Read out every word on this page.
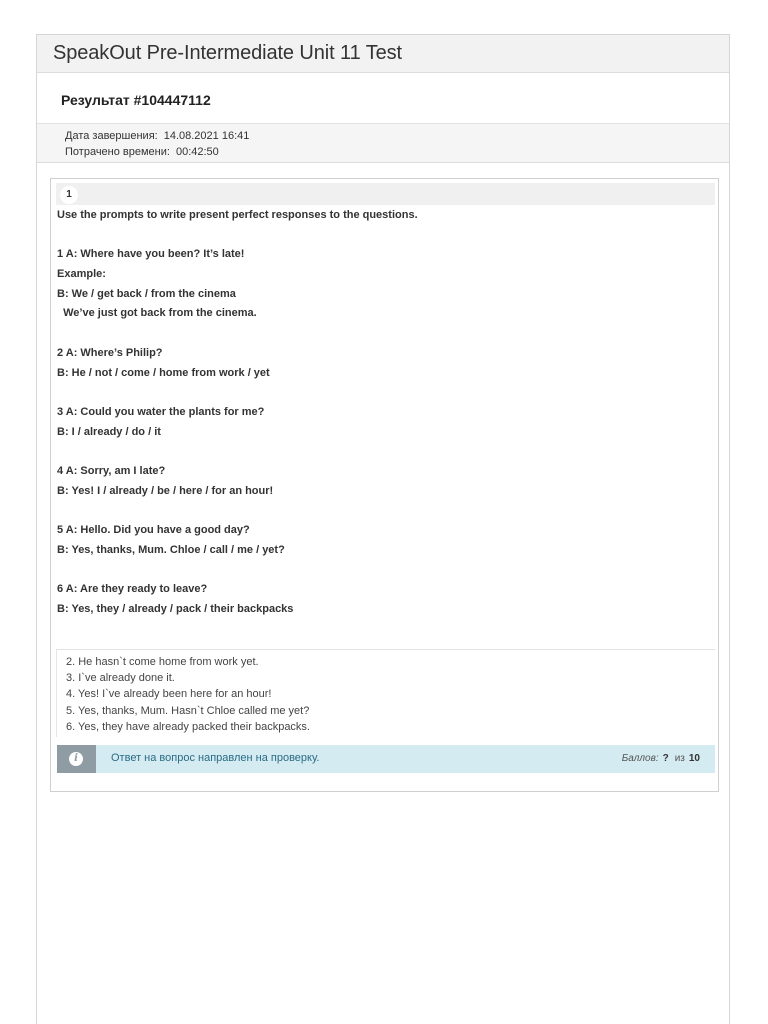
SpeakOut Pre-Intermediate Unit 11 Test
Результат #104447112
Дата завершения: 14.08.2021 16:41
Потрачено времени: 00:42:50
1
Use the prompts to write present perfect responses to the questions.
1 A: Where have you been? It’s late!
Example:
B: We / get back / from the cinema
We’ve just got back from the cinema.
2 A: Where’s Philip?
B: He / not / come / home from work / yet
3 A: Could you water the plants for me?
B: I / already / do / it
4 A: Sorry, am I late?
B: Yes! I / already / be / here / for an hour!
5 A: Hello. Did you have a good day?
B: Yes, thanks, Mum. Chloe / call / me / yet?
6 A: Are they ready to leave?
B: Yes, they / already / pack / their backpacks
2. He hasn`t come home from work yet.
3. I`ve already done it.
4. Yes! I`ve already been here for an hour!
5. Yes, thanks, Mum. Hasn`t Chloe called me yet?
6. Yes, they have already packed their backpacks.
i	Ответ на вопрос направлен на проверку.	Баллов: ? из 10
